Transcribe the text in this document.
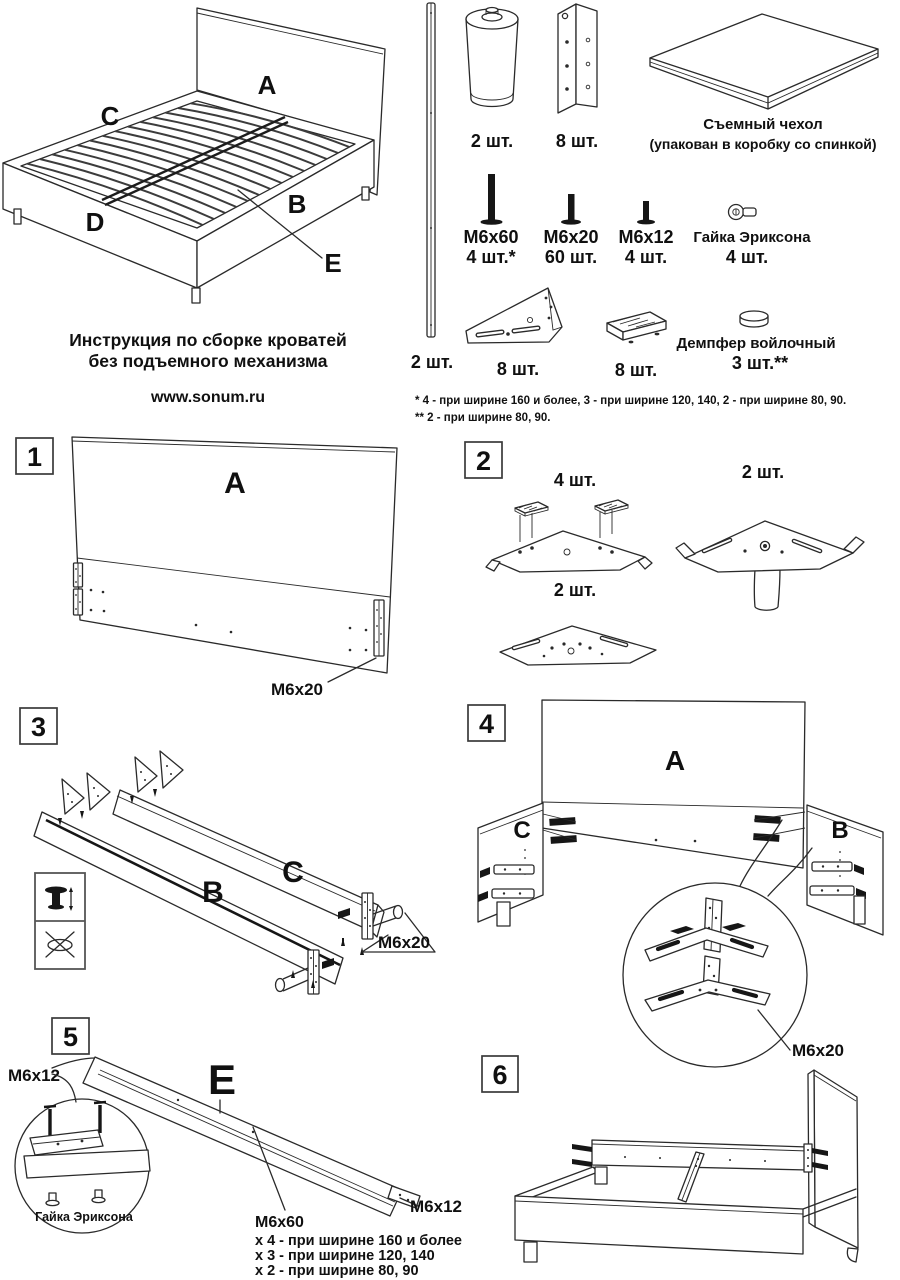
A
C
D
B
E
Инструкция по сборке кроватей
без подъемного механизма
www.sonum.ru
2 шт.
2 шт. 8 шт.
Съемный чехол
(упакован в коробку со спинкой)
М6х60
4 шт.*
М6х20
60 шт.
М6х12
4 шт.
Гайка Эриксона
4 шт.
8 шт.	8 шт.
Демпфер войлочный
3 шт.**
* 4 - при ширине 160 и более, 3 - при ширине 120, 140, 2 - при ширине 80, 90.
** 2 - при ширине 80, 90.
1
A
М6х20
2
4 шт.
2 шт.
2 шт.
3
B
C
М6х20
4
A
C	B
М6х20
5
М6х12	E
Гайка Эриксона	М6х60
х 4 - при ширине 160 и более
х 3 - при ширине 120, 140
х 2 - при ширине 80, 90
М6х12
6
